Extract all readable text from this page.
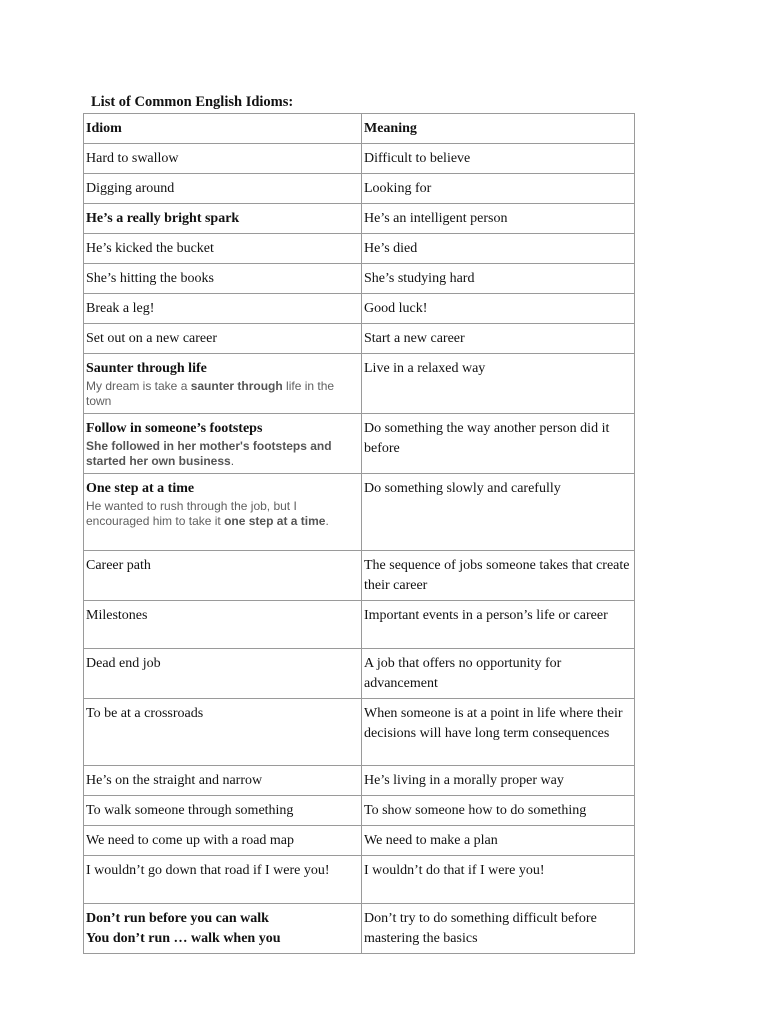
List of Common English Idioms:
Idiom	Meaning
Hard to swallow	Difficult to believe
Digging around	Looking for
He’s a really bright spark	He’s an intelligent person
He’s kicked the bucket	He’s died
She’s hitting the books	She’s studying hard
Break a leg!	Good luck!
Set out on a new career	Start a new career

Saunter through life
My dream is take a saunter through life in the town	Live in a relaxed way

Follow in someone’s footsteps
She followed in her mother's footsteps and started her own business.	Do something the way another person did it before

One step at a time
He wanted to rush through the job, but I encouraged him to take it one step at a time.	Do something slowly and carefully
Career path	The sequence of jobs someone takes that create their career
Milestones	Important events in a person’s life or career
Dead end job	A job that offers no opportunity for advancement
To be at a crossroads	When someone is at a point in life where their decisions will have long term consequences
He’s on the straight and narrow	He’s living in a morally proper way
To walk someone through something	To show someone how to do something
We need to come up with a road map	We need to make a plan
I wouldn’t go down that road if I were you!	I wouldn’t do that if I were you!

Don’t run before you can walk
You don’t run … walk when you	Don’t try to do something difficult before mastering the basics
